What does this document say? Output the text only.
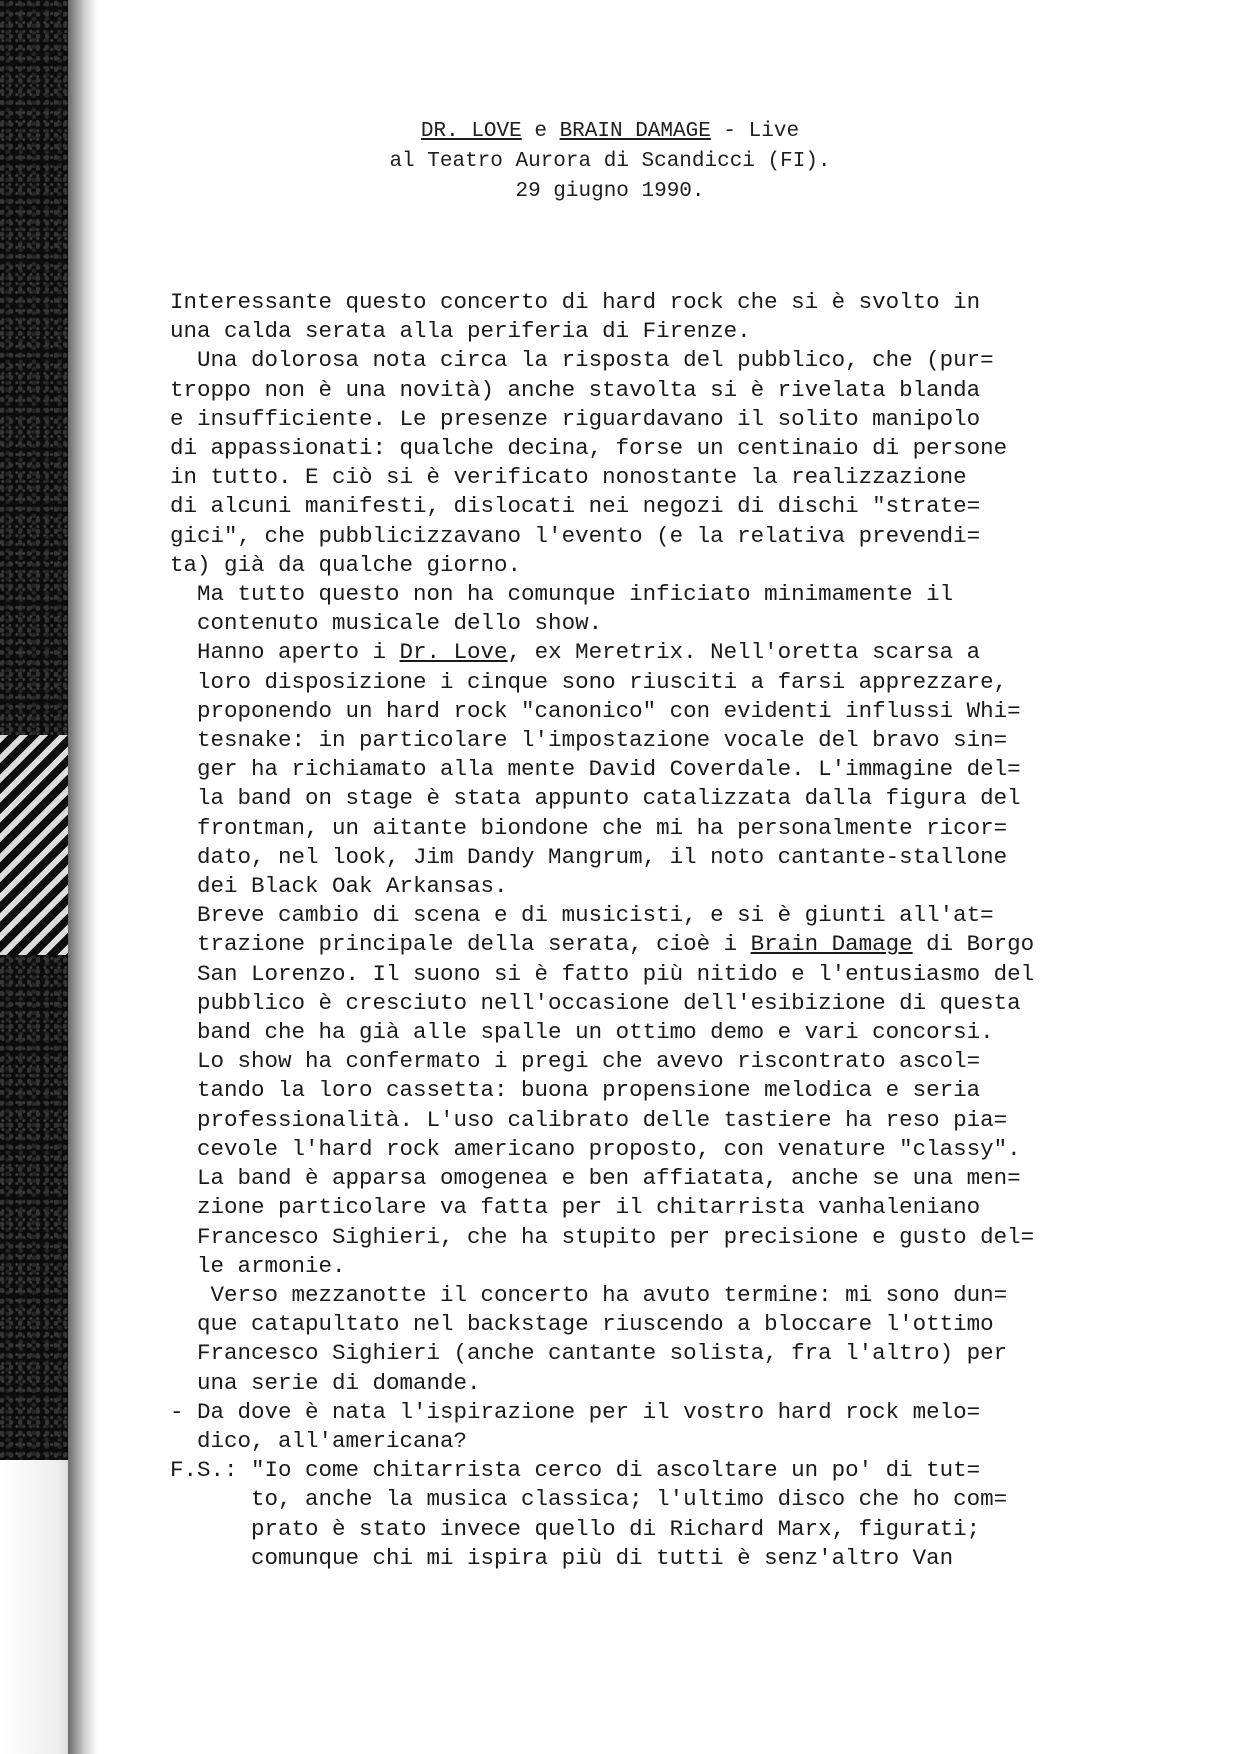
DR. LOVE e BRAIN DAMAGE - Live
al Teatro Aurora di Scandicci (FI).
29 giugno 1990.
Interessante questo concerto di hard rock che si è svolto in
una calda serata alla periferia di Firenze.
Una dolorosa nota circa la risposta del pubblico, che (pur=
troppo non è una novità) anche stavolta si è rivelata blanda
e insufficiente. Le presenze riguardavano il solito manipolo
di appassionati: qualche decina, forse un centinaio di persone
in tutto. E ciò si è verificato nonostante la realizzazione
di alcuni manifesti, dislocati nei negozi di dischi "strate=
gici", che pubblicizzavano l'evento (e la relativa prevendi=
ta) già da qualche giorno.
Ma tutto questo non ha comunque inficiato minimamente il
contenuto musicale dello show.
Hanno aperto i Dr. Love, ex Meretrix. Nell'oretta scarsa a
loro disposizione i cinque sono riusciti a farsi apprezzare,
proponendo un hard rock "canonico" con evidenti influssi Whi=
tesnake: in particolare l'impostazione vocale del bravo sin=
ger ha richiamato alla mente David Coverdale. L'immagine del=
la band on stage è stata appunto catalizzata dalla figura del
frontman, un aitante biondone che mi ha personalmente ricor=
dato, nel look, Jim Dandy Mangrum, il noto cantante-stallone
dei Black Oak Arkansas.
Breve cambio di scena e di musicisti, e si è giunti all'at=
trazione principale della serata, cioè i Brain Damage di Borgo
San Lorenzo. Il suono si è fatto più nitido e l'entusiasmo del
pubblico è cresciuto nell'occasione dell'esibizione di questa
band che ha già alle spalle un ottimo demo e vari concorsi.
Lo show ha confermato i pregi che avevo riscontrato ascol=
tando la loro cassetta: buona propensione melodica e seria
professionalità. L'uso calibrato delle tastiere ha reso pia=
cevole l'hard rock americano proposto, con venature "classy".
La band è apparsa omogenea e ben affiatata, anche se una men=
zione particolare va fatta per il chitarrista vanhaleniano
Francesco Sighieri, che ha stupito per precisione e gusto del=
le armonie.
Verso mezzanotte il concerto ha avuto termine: mi sono dun=
que catapultato nel backstage riuscendo a bloccare l'ottimo
Francesco Sighieri (anche cantante solista, fra l'altro) per
una serie di domande.
- Da dove è nata l'ispirazione per il vostro hard rock melo=
dico, all'americana?
F.S.: "Io come chitarrista cerco di ascoltare un po' di tut=
to, anche la musica classica; l'ultimo disco che ho com=
prato è stato invece quello di Richard Marx, figurati;
comunque chi mi ispira più di tutti è senz'altro Van
